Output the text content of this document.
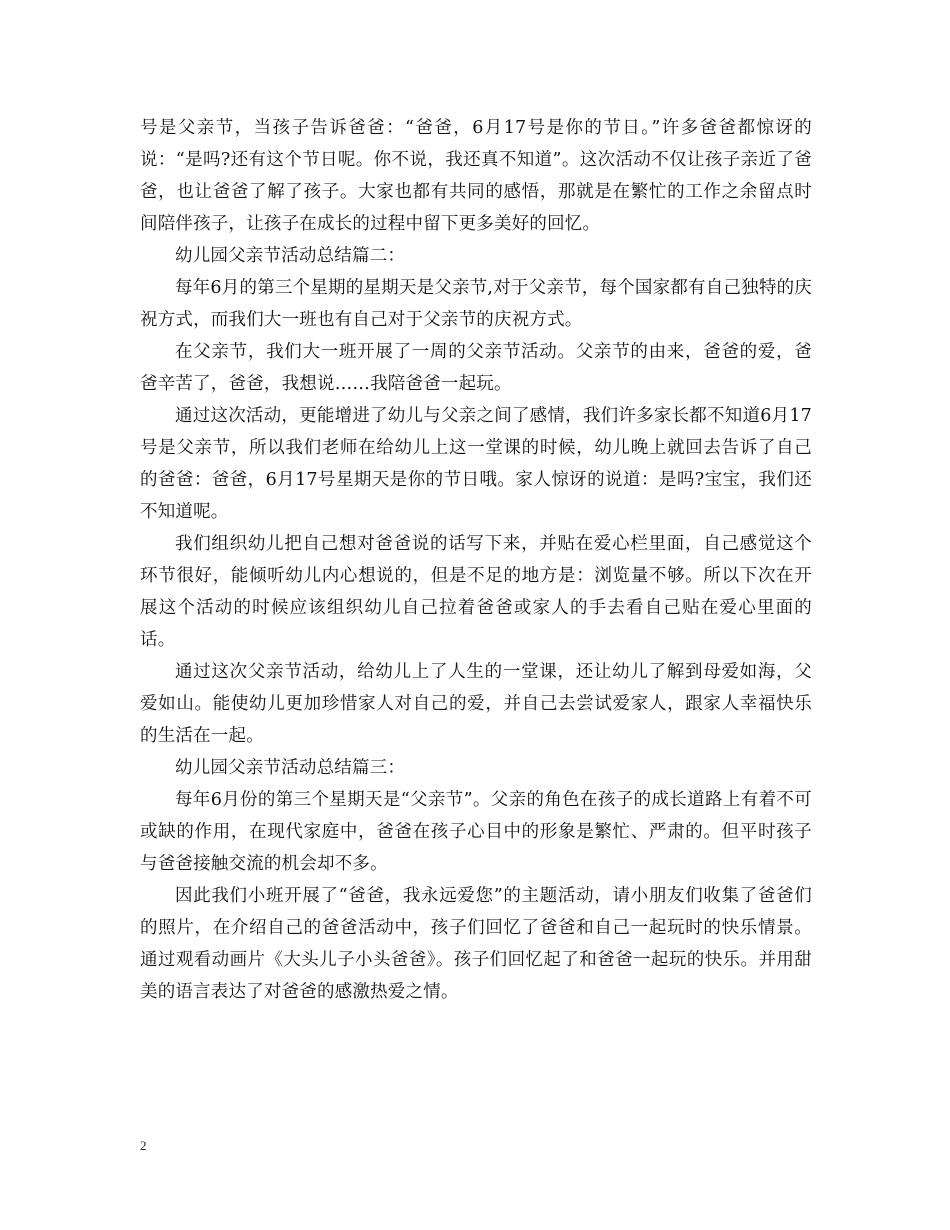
号是父亲节，当孩子告诉爸爸：“爸爸，6月17号是你的节日。”许多爸爸都惊讶的说：“是吗?还有这个节日呢。你不说，我还真不知道”。这次活动不仅让孩子亲近了爸爸，也让爸爸了解了孩子。大家也都有共同的感悟，那就是在繁忙的工作之余留点时间陪伴孩子，让孩子在成长的过程中留下更多美好的回忆。

幼儿园父亲节活动总结篇二：

每年6月的第三个星期的星期天是父亲节,对于父亲节，每个国家都有自己独特的庆祝方式，而我们大一班也有自己对于父亲节的庆祝方式。

在父亲节，我们大一班开展了一周的父亲节活动。父亲节的由来，爸爸的爱，爸爸辛苦了，爸爸，我想说……我陪爸爸一起玩。

通过这次活动，更能增进了幼儿与父亲之间了感情，我们许多家长都不知道6月17号是父亲节，所以我们老师在给幼儿上这一堂课的时候，幼儿晚上就回去告诉了自己的爸爸：爸爸，6月17号星期天是你的节日哦。家人惊讶的说道：是吗?宝宝，我们还不知道呢。

我们组织幼儿把自己想对爸爸说的话写下来，并贴在爱心栏里面，自己感觉这个环节很好，能倾听幼儿内心想说的，但是不足的地方是：浏览量不够。所以下次在开展这个活动的时候应该组织幼儿自己拉着爸爸或家人的手去看自己贴在爱心里面的话。

通过这次父亲节活动，给幼儿上了人生的一堂课，还让幼儿了解到母爱如海，父爱如山。能使幼儿更加珍惜家人对自己的爱，并自己去尝试爱家人，跟家人幸福快乐的生活在一起。

幼儿园父亲节活动总结篇三：

每年6月份的第三个星期天是“父亲节”。父亲的角色在孩子的成长道路上有着不可或缺的作用，在现代家庭中，爸爸在孩子心目中的形象是繁忙、严肃的。但平时孩子与爸爸接触交流的机会却不多。

因此我们小班开展了“爸爸，我永远爱您”的主题活动，请小朋友们收集了爸爸们的照片，在介绍自己的爸爸活动中，孩子们回忆了爸爸和自己一起玩时的快乐情景。通过观看动画片《大头儿子小头爸爸》。孩子们回忆起了和爸爸一起玩的快乐。并用甜美的语言表达了对爸爸的感激热爱之情。

2
